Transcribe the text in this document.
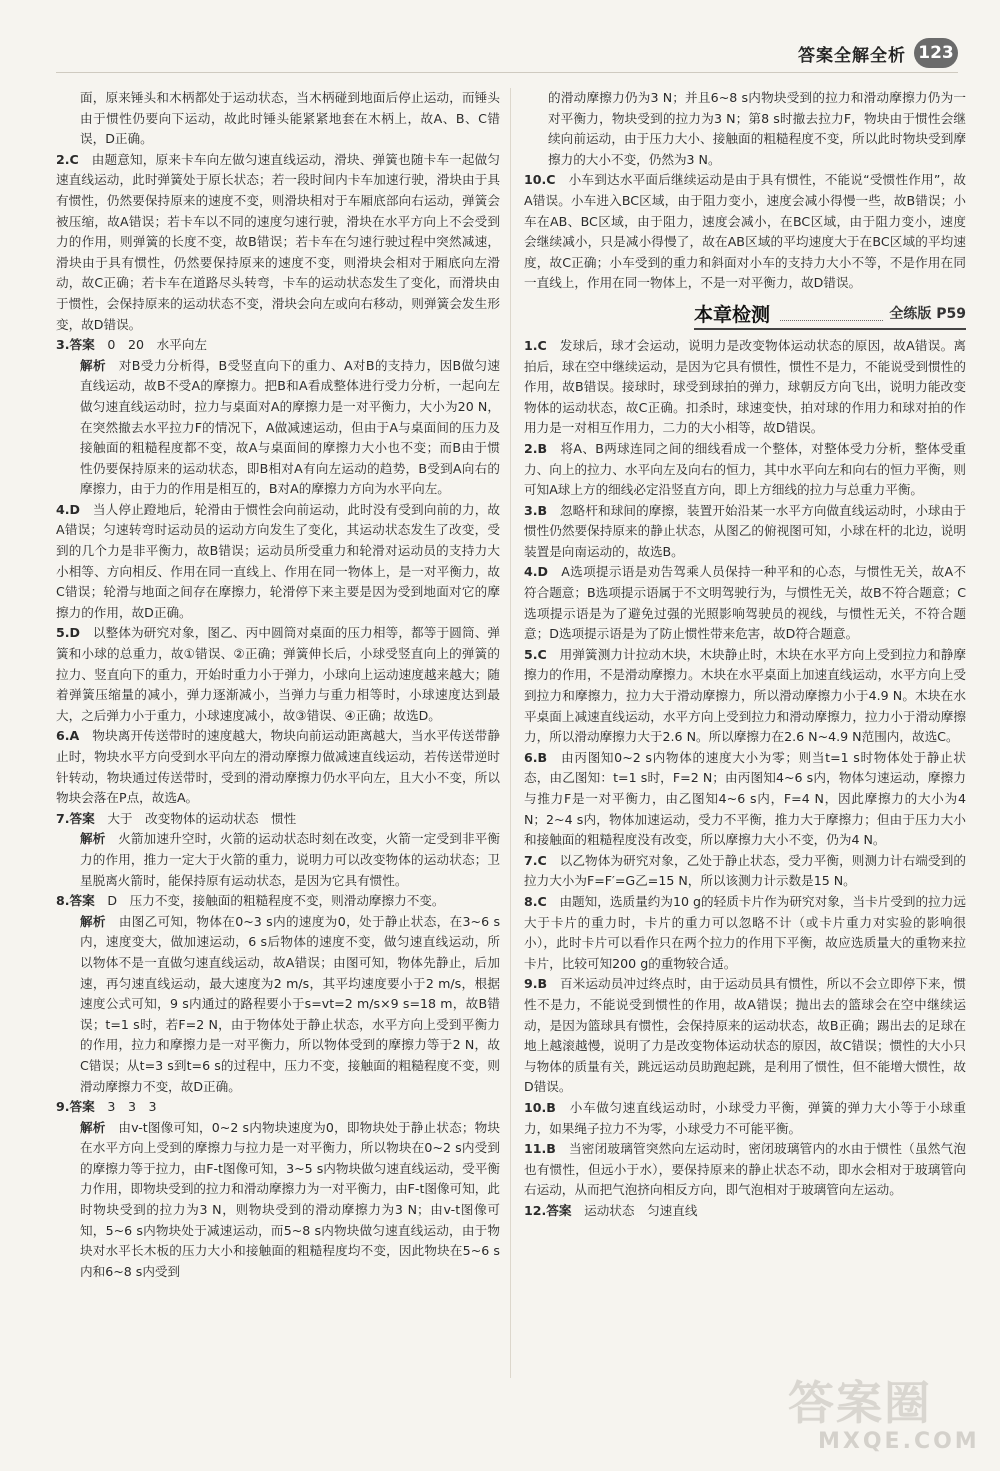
答案全解全析 123

面，原来锤头和木柄都处于运动状态，当木柄碰到地面后停止运动，而锤头由于惯性仍要向下运动，故此时锤头能紧紧地套在木柄上，故A、B、C错误，D正确。

2.C　 由题意知，原来卡车向左做匀速直线运动，滑块、弹簧也随卡车一起做匀速直线运动，此时弹簧处于原长状态；若一段时间内卡车加速行驶，滑块由于具有惯性，仍然要保持原来的速度不变，则滑块相对于车厢底部向右运动，弹簧会被压缩，故A错误；若卡车以不同的速度匀速行驶，滑块在水平方向上不会受到力的作用，则弹簧的长度不变，故B错误；若卡车在匀速行驶过程中突然减速，滑块由于具有惯性，仍然要保持原来的速度不变，则滑块会相对于厢底向左滑动，故C正确；若卡车在道路尽头转弯，卡车的运动状态发生了变化，而滑块由于惯性，会保持原来的运动状态不变，滑块会向左或向右移动，则弹簧会发生形变，故D错误。

3.答案　 0　20　水平向左

解析　 对B受力分析得，B受竖直向下的重力、A对B的支持力，因B做匀速直线运动，故B不受A的摩擦力。把B和A看成整体进行受力分析，一起向左做匀速直线运动时，拉力与桌面对A的摩擦力是一对平衡力，大小为20 N，在突然撤去水平拉力F的情况下，A做减速运动，但由于A与桌面间的压力及接触面的粗糙程度都不变，故A与桌面间的摩擦力大小也不变；而B由于惯性仍要保持原来的运动状态，即B相对A有向左运动的趋势，B受到A向右的摩擦力，由于力的作用是相互的，B对A的摩擦力方向为水平向左。

4.D　 当人停止蹬地后，轮滑由于惯性会向前运动，此时没有受到向前的力，故A错误；匀速转弯时运动员的运动方向发生了变化，其运动状态发生了改变，受到的几个力是非平衡力，故B错误；运动员所受重力和轮滑对运动员的支持力大小相等、方向相反、作用在同一直线上、作用在同一物体上，是一对平衡力，故C错误；轮滑与地面之间存在摩擦力，轮滑停下来主要是因为受到地面对它的摩擦力的作用，故D正确。

5.D　 以整体为研究对象，图乙、丙中圆筒对桌面的压力相等，都等于圆筒、弹簧和小球的总重力，故①错误、②正确；弹簧伸长后，小球受竖直向上的弹簧的拉力、竖直向下的重力，开始时重力小于弹力，小球向上运动速度越来越大；随着弹簧压缩量的减小，弹力逐渐减小，当弹力与重力相等时，小球速度达到最大，之后弹力小于重力，小球速度减小，故③错误、④正确；故选D。

6.A　 物块离开传送带时的速度越大，物块向前运动距离越大，当水平传送带静止时，物块水平方向受到水平向左的滑动摩擦力做减速直线运动，若传送带逆时针转动，物块通过传送带时，受到的滑动摩擦力仍水平向左，且大小不变，所以物块会落在P点，故选A。

7.答案　 大于　改变物体的运动状态　惯性

解析　 火箭加速升空时，火箭的运动状态时刻在改变，火箭一定受到非平衡力的作用，推力一定大于火箭的重力，说明力可以改变物体的运动状态；卫星脱离火箭时，能保持原有运动状态，是因为它具有惯性。

8.答案　 D　压力不变，接触面的粗糙程度不变，则滑动摩擦力不变。

解析　 由图乙可知，物体在0~3 s内的速度为0，处于静止状态，在3~6 s内，速度变大，做加速运动，6 s后物体的速度不变，做匀速直线运动，所以物体不是一直做匀速直线运动，故A错误；由图可知，物体先静止，后加速，再匀速直线运动，最大速度为2 m/s，其平均速度要小于2 m/s，根据速度公式可知，9 s内通过的路程要小于s=vt=2 m/s×9 s=18 m，故B错误；t=1 s时，若F=2 N，由于物体处于静止状态，水平方向上受到平衡力的作用，拉力和摩擦力是一对平衡力，所以物体受到的摩擦力等于2 N，故C错误；从t=3 s到t=6 s的过程中，压力不变，接触面的粗糙程度不变，则滑动摩擦力不变，故D正确。

9.答案　 3　3　3

解析　 由v-t图像可知，0~2 s内物块速度为0，即物块处于静止状态；物块在水平方向上受到的摩擦力与拉力是一对平衡力，所以物块在0~2 s内受到的摩擦力等于拉力，由F-t图像可知，3~5 s内物块做匀速直线运动，受平衡力作用，即物块受到的拉力和滑动摩擦力为一对平衡力，由F-t图像可知，此时物块受到的拉力为3 N，则物块受到的滑动摩擦力为3 N；由v-t图像可知，5~6 s内物块处于减速运动，而5~8 s内物块做匀速直线运动，由于物块对水平长木板的压力大小和接触面的粗糙程度均不变，因此物块在5~6 s内和6~8 s内受到

的滑动摩擦力仍为3 N；并且6~8 s内物块受到的拉力和滑动摩擦力仍为一对平衡力，物块受到的拉力为3 N；第8 s时撤去拉力F，物块由于惯性会继续向前运动，由于压力大小、接触面的粗糙程度不变，所以此时物块受到摩擦力的大小不变，仍然为3 N。

10.C　 小车到达水平面后继续运动是由于具有惯性，不能说“受惯性作用”，故A错误。小车进入BC区域，由于阻力变小，速度会减小得慢一些，故B错误；小车在AB、BC区域，由于阻力，速度会减小，在BC区域，由于阻力变小，速度会继续减小，只是减小得慢了，故在AB区域的平均速度大于在BC区域的平均速度，故C正确；小车受到的重力和斜面对小车的支持力大小不等，不是作用在同一直线上，作用在同一物体上，不是一对平衡力，故D错误。

本章检测	全练版 P59

1.C　 发球后，球才会运动，说明力是改变物体运动状态的原因，故A错误。离拍后，球在空中继续运动，是因为它具有惯性，惯性不是力，不能说受到惯性的作用，故B错误。接球时，球受到球拍的弹力，球朝反方向飞出，说明力能改变物体的运动状态，故C正确。扣杀时，球速变快，拍对球的作用力和球对拍的作用力是一对相互作用力，二力的大小相等，故D错误。

2.B　 将A、B两球连同之间的细线看成一个整体，对整体受力分析，整体受重力、向上的拉力、水平向左及向右的恒力，其中水平向左和向右的恒力平衡，则可知A球上方的细线必定沿竖直方向，即上方细线的拉力与总重力平衡。

3.B　 忽略杆和球间的摩擦，装置开始沿某一水平方向做直线运动时，小球由于惯性仍然要保持原来的静止状态，从图乙的俯视图可知，小球在杆的北边，说明装置是向南运动的，故选B。

4.D　 A选项提示语是劝告驾乘人员保持一种平和的心态，与惯性无关，故A不符合题意；B选项提示语属于不文明驾驶行为，与惯性无关，故B不符合题意；C选项提示语是为了避免过强的光照影响驾驶员的视线，与惯性无关，不符合题意；D选项提示语是为了防止惯性带来危害，故D符合题意。

5.C　 用弹簧测力计拉动木块，木块静止时，木块在水平方向上受到拉力和静摩擦力的作用，不是滑动摩擦力。木块在水平桌面上加速直线运动，水平方向上受到拉力和摩擦力，拉力大于滑动摩擦力，所以滑动摩擦力小于4.9 N。木块在水平桌面上减速直线运动，水平方向上受到拉力和滑动摩擦力，拉力小于滑动摩擦力，所以滑动摩擦力大于2.6 N。所以摩擦力在2.6 N~4.9 N范围内，故选C。

6.B　 由丙图知0~2 s内物体的速度大小为零；则当t=1 s时物体处于静止状态，由乙图知：t=1 s时，F=2 N；由丙图知4~6 s内，物体匀速运动，摩擦力与推力F是一对平衡力，由乙图知4~6 s内，F=4 N，因此摩擦力的大小为4 N；2~4 s内，物体加速运动，受力不平衡，推力大于摩擦力；但由于压力大小和接触面的粗糙程度没有改变，所以摩擦力大小不变，仍为4 N。

7.C　 以乙物体为研究对象，乙处于静止状态，受力平衡，则测力计右端受到的拉力大小为F=F′=G乙=15 N，所以该测力计示数是15 N。

8.C　 由题知，选质量约为10 g的轻质卡片作为研究对象，当卡片受到的拉力远大于卡片的重力时，卡片的重力可以忽略不计（或卡片重力对实验的影响很小），此时卡片可以看作只在两个拉力的作用下平衡，故应选质量大的重物来拉卡片，比较可知200 g的重物较合适。

9.B　 百米运动员冲过终点时，由于运动员具有惯性，所以不会立即停下来，惯性不是力，不能说受到惯性的作用，故A错误；抛出去的篮球会在空中继续运动，是因为篮球具有惯性，会保持原来的运动状态，故B正确；踢出去的足球在地上越滚越慢，说明了力是改变物体运动状态的原因，故C错误；惯性的大小只与物体的质量有关，跳远运动员助跑起跳，是利用了惯性，但不能增大惯性，故D错误。

10.B　 小车做匀速直线运动时，小球受力平衡，弹簧的弹力大小等于小球重力，如果绳子拉力不为零，小球受力不可能平衡。

11.B　 当密闭玻璃管突然向左运动时，密闭玻璃管内的水由于惯性（虽然气泡也有惯性，但远小于水），要保持原来的静止状态不动，即水会相对于玻璃管向右运动，从而把气泡挤向相反方向，即气泡相对于玻璃管向左运动。

12.答案　 运动状态　匀速直线

答案圈
MXQE.COM
